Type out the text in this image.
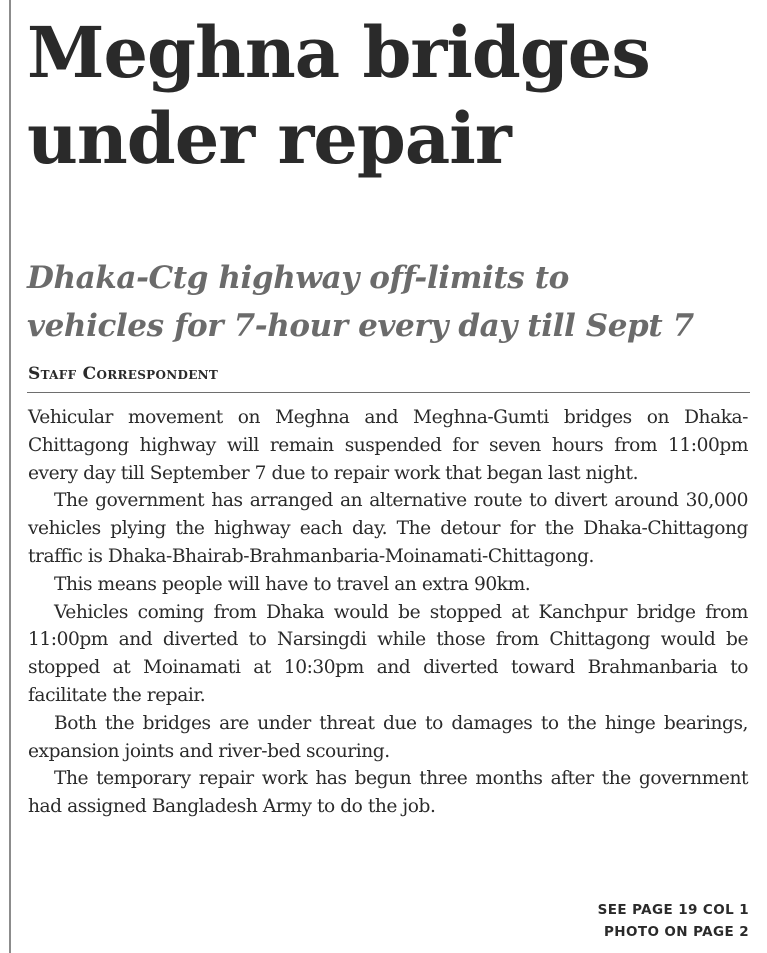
Meghna bridges
under repair
Dhaka-Ctg highway off-limits to
vehicles for 7-hour every day till Sept 7

Staff Correspondent

Vehicular movement on Meghna and Meghna-Gumti bridges on Dhaka-Chittagong highway will remain suspended for seven hours from 11:00pm every day till September 7 due to repair work that began last night.

The government has arranged an alternative route to divert around 30,000 vehicles plying the highway each day. The detour for the Dhaka-Chittagong traffic is Dhaka-Bhairab-Brahmanbaria-Moinamati-Chittagong.

This means people will have to travel an extra 90km.

Vehicles coming from Dhaka would be stopped at Kanchpur bridge from 11:00pm and diverted to Narsingdi while those from Chittagong would be stopped at Moinamati at 10:30pm and diverted toward Brahmanbaria to facilitate the repair.

Both the bridges are under threat due to damages to the hinge bearings, expansion joints and river-bed scouring.

The temporary repair work has begun three months after the government had assigned Bangladesh Army to do the job.

SEE PAGE 19 COL 1
PHOTO ON PAGE 2
